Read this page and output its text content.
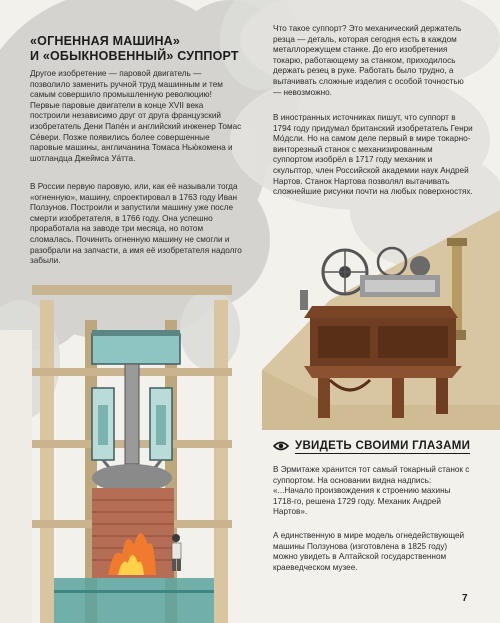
«ОГНЕННАЯ МАШИНА»
И «ОБЫКНОВЕННЫЙ» СУППОРТ

Другое изобретение — паровой двигатель — позволило заменить ручной труд машинным и тем самым совершило промышленную революцию! Первые паровые двигатели в конце XVII века построили независимо друг от друга французский изобретатель Дени Папе́н и английский инженер Томас Се́вери. Позже появились более совершенные паровые машины, англичанина Томаса Нью́комена и шотландца Джеймса Уа́тта.

В России первую паровую, или, как её называли тогда «огненную», машину, спроектировал в 1763 году Иван Ползунов. Построили и запустили машину уже после смерти изобретателя, в 1766 году. Она успешно проработала на заводе три месяца, но потом сломалась. Починить огненную машину не смогли и разобрали на запчасти, а имя её изобретателя надолго забыли.

Что такое суппорт? Это механический держатель резца — деталь, которая сегодня есть в каждом металлорежущем станке. До его изобретения токарю, работающему за станком, приходилось держать резец в руке. Работать было трудно, а вытачивать сложные изделия с особой точностью — невозможно.

В иностранных источниках пишут, что суппорт в 1794 году придумал британский изобретатель Генри Мо́дсли. Но на самом деле первый в мире токарно-винторезный станок с механизированным суппортом изобрёл в 1717 году механик и скульптор, член Российской академии наук Андрей Нартов. Станок Нартова позволял вытачивать сложнейшие рисунки почти на любых поверхностях.

УВИДЕТЬ СВОИМИ ГЛАЗАМИ

В Эрмитаже хранится тот самый токарный станок с суппортом. На основании видна надпись: «...Начало произвождения к строению махины 1718-го, решена 1729 году. Механик Андрей Нартов».

А единственную в мире модель огнедействующей машины Ползунова (изготовлена в 1825 году) можно увидеть в Алтайской государственном краеведческом музее.

7
